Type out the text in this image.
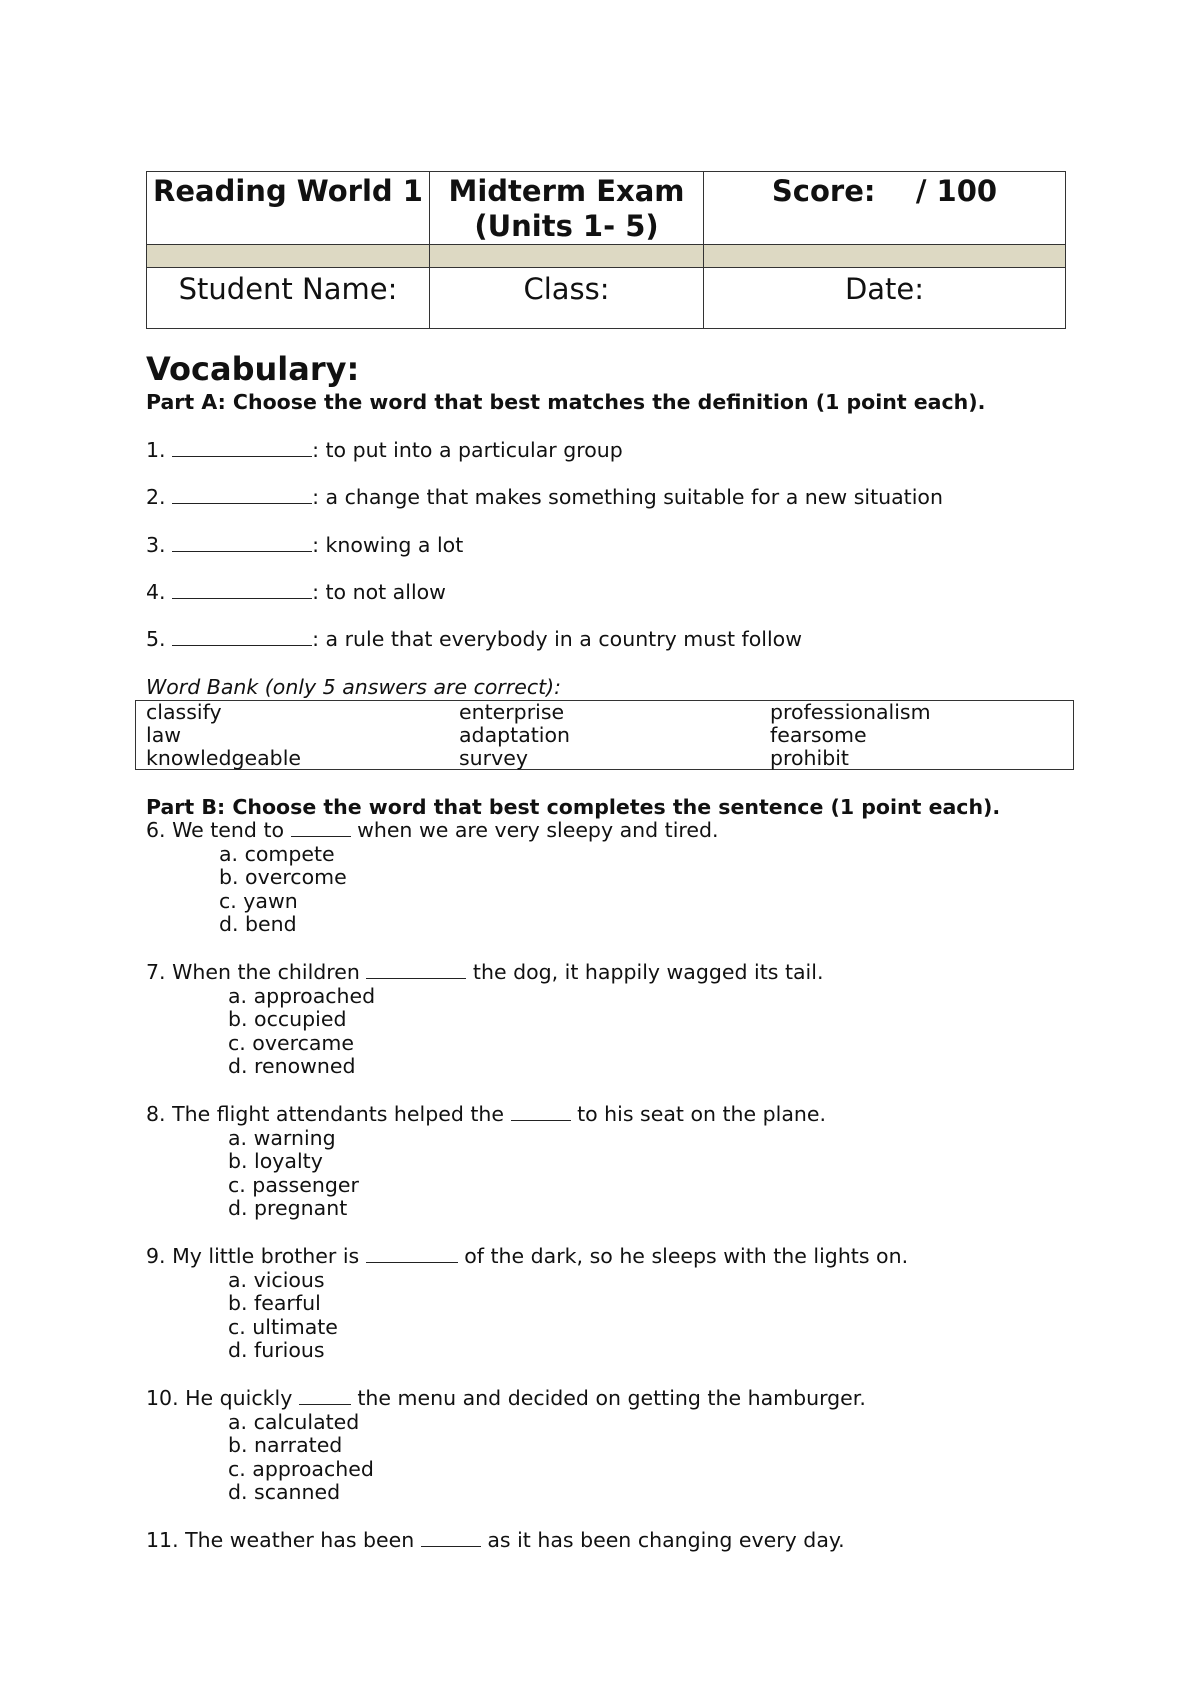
Reading World 1	Midterm Exam (Units 1- 5)	Score:    / 100

Student Name:	Class:	Date:
Vocabulary:
Part A: Choose the word that best matches the definition (1 point each).
1.	: to put into a particular group
2.	: a change that makes something suitable for a new situation
3.	: knowing a lot
4.	: to not allow
5.	: a rule that everybody in a country must follow
Word Bank (only 5 answers are correct):
classify	enterprise	professionalism
law	adaptation	fearsome
knowledgeable	survey	prohibit
Part B: Choose the word that best completes the sentence (1 point each).
6. We tend to	when we are very sleepy and tired.
a. compete
b. overcome
c. yawn
d. bend
7. When the children	the dog, it happily wagged its tail.
a. approached
b. occupied
c. overcame
d. renowned
8. The flight attendants helped the	to his seat on the plane.
a. warning
b. loyalty
c. passenger
d. pregnant
9. My little brother is	of the dark, so he sleeps with the lights on.
a. vicious
b. fearful
c. ultimate
d. furious
10. He quickly	the menu and decided on getting the hamburger.
a. calculated
b. narrated
c. approached
d. scanned
11. The weather has been	as it has been changing every day.
